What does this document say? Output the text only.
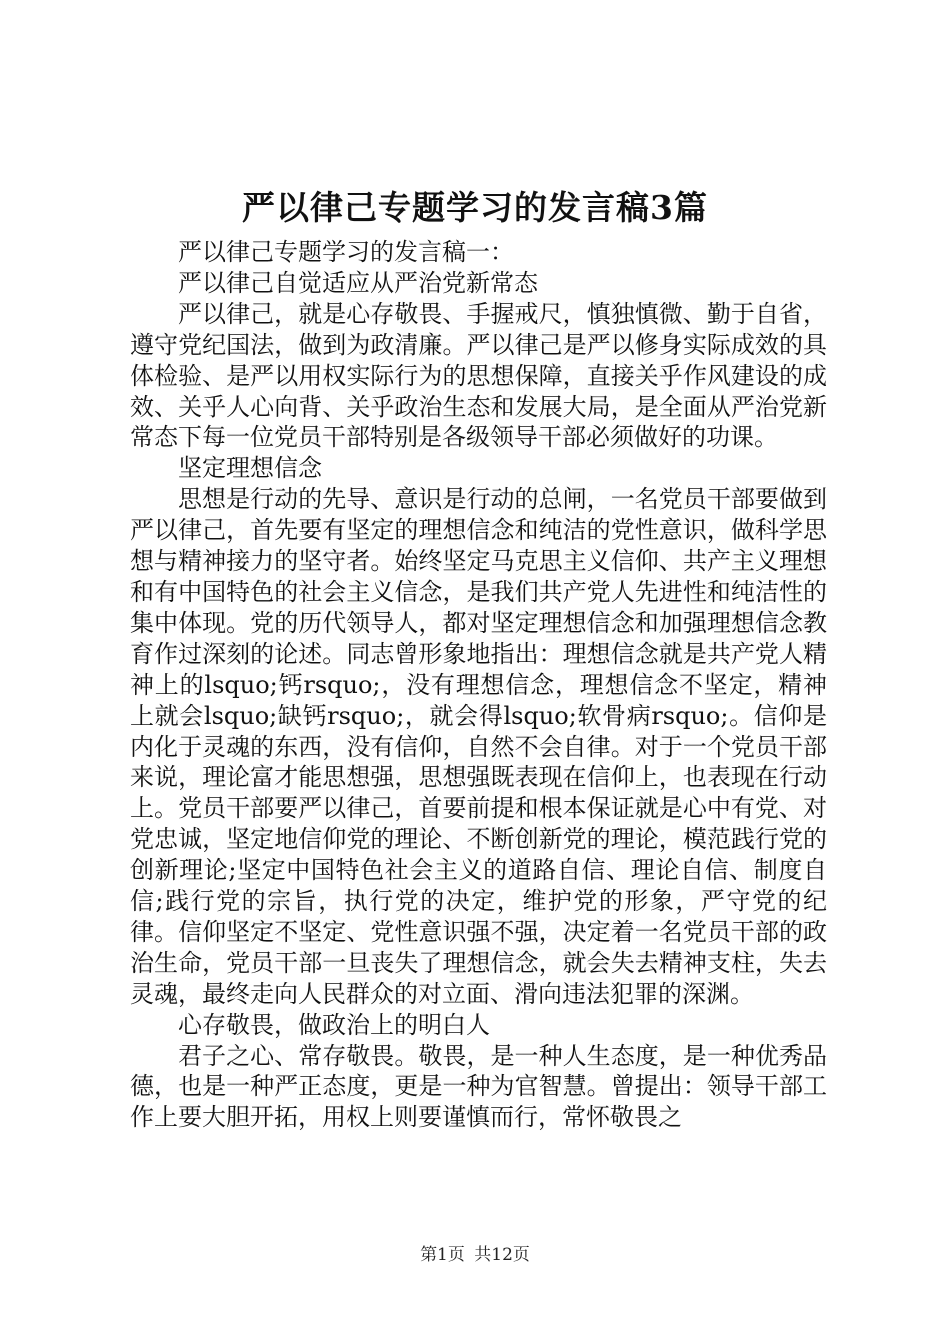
严以律己专题学习的发言稿3篇

严以律己专题学习的发言稿一：

严以律己自觉适应从严治党新常态

严以律己，就是心存敬畏、手握戒尺，慎独慎微、勤于自省，遵守党纪国法，做到为政清廉。严以律己是严以修身实际成效的具体检验、是严以用权实际行为的思想保障，直接关乎作风建设的成效、关乎人心向背、关乎政治生态和发展大局，是全面从严治党新常态下每一位党员干部特别是各级领导干部必须做好的功课。

坚定理想信念

思想是行动的先导、意识是行动的总闸，一名党员干部要做到严以律己，首先要有坚定的理想信念和纯洁的党性意识，做科学思想与精神接力的坚守者。始终坚定马克思主义信仰、共产主义理想和有中国特色的社会主义信念，是我们共产党人先进性和纯洁性的集中体现。党的历代领导人，都对坚定理想信念和加强理想信念教育作过深刻的论述。同志曾形象地指出：理想信念就是共产党人精神上的lsquo;钙rsquo;，没有理想信念，理想信念不坚定，精神上就会lsquo;缺钙rsquo;，就会得lsquo;软骨病rsquo;。信仰是内化于灵魂的东西，没有信仰，自然不会自律。对于一个党员干部来说，理论富才能思想强，思想强既表现在信仰上，也表现在行动上。党员干部要严以律己，首要前提和根本保证就是心中有党、对党忠诚，坚定地信仰党的理论、不断创新党的理论，模范践行党的创新理论;坚定中国特色社会主义的道路自信、理论自信、制度自信;践行党的宗旨，执行党的决定，维护党的形象，严守党的纪律。信仰坚定不坚定、党性意识强不强，决定着一名党员干部的政治生命，党员干部一旦丧失了理想信念，就会失去精神支柱，失去灵魂，最终走向人民群众的对立面、滑向违法犯罪的深渊。

心存敬畏，做政治上的明白人

君子之心、常存敬畏。敬畏，是一种人生态度，是一种优秀品德，也是一种严正态度，更是一种为官智慧。曾提出：领导干部工作上要大胆开拓，用权上则要谨慎而行，常怀敬畏之

第1页 共12页
